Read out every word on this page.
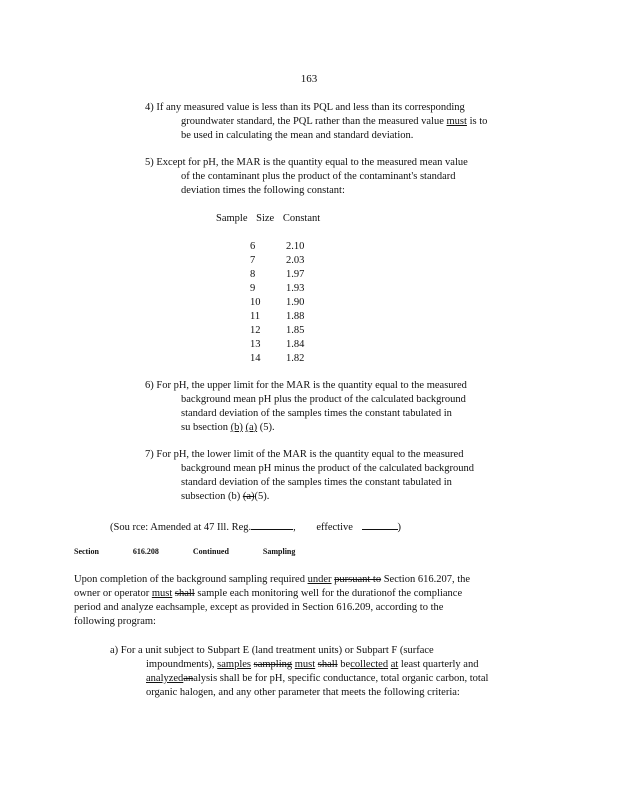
163
4) If any measured value is less than its PQL and less than its corresponding
groundwater standard, the PQL rather than the measured value must is to
be used in calculating the mean and standard deviation.
5) Except for pH, the MAR is the quantity equal to the measured mean value
of the contaminant plus the product of the contaminant's standard
deviation times the following constant:
Sample Size Constant
6	2.10
7	2.03
8	1.97
9	1.93
10 1.90
11 1.88
12 1.85
13 1.84
14 1.82
6) For pH, the upper limit for the MAR is the quantity equal to the measured
background mean pH plus the product of the calculated background
standard deviation of the samples times the constant tabulated in
su bsection (b) (a) (5).
7) For pH, the lower limit of the MAR is the quantity equal to the measured
background mean pH minus the product of the calculated background
standard deviation of the samples times the constant tabulated in
subsection (b) (a)(5).
(Sou rce: Amended at 47 Ill. Reg.	, effective	)
Section	616.208	Continued	Sampling
Upon completion of the background sampling required under pursuant to Section 616.207, the
owner or operator must shall sample each monitoring well for the durationof the compliance
period and analyze eachsample, except as provided in Section 616.209, according to the
following program:
a) For a unit subject to Subpart E (land treatment units) or Subpart F (surface
impoundments), samples sampling must shall becollected at least quarterly and
analyzedanalysis shall be for pH, specific conductance, total organic carbon, total
organic halogen, and any other parameter that meets the following criteria:
